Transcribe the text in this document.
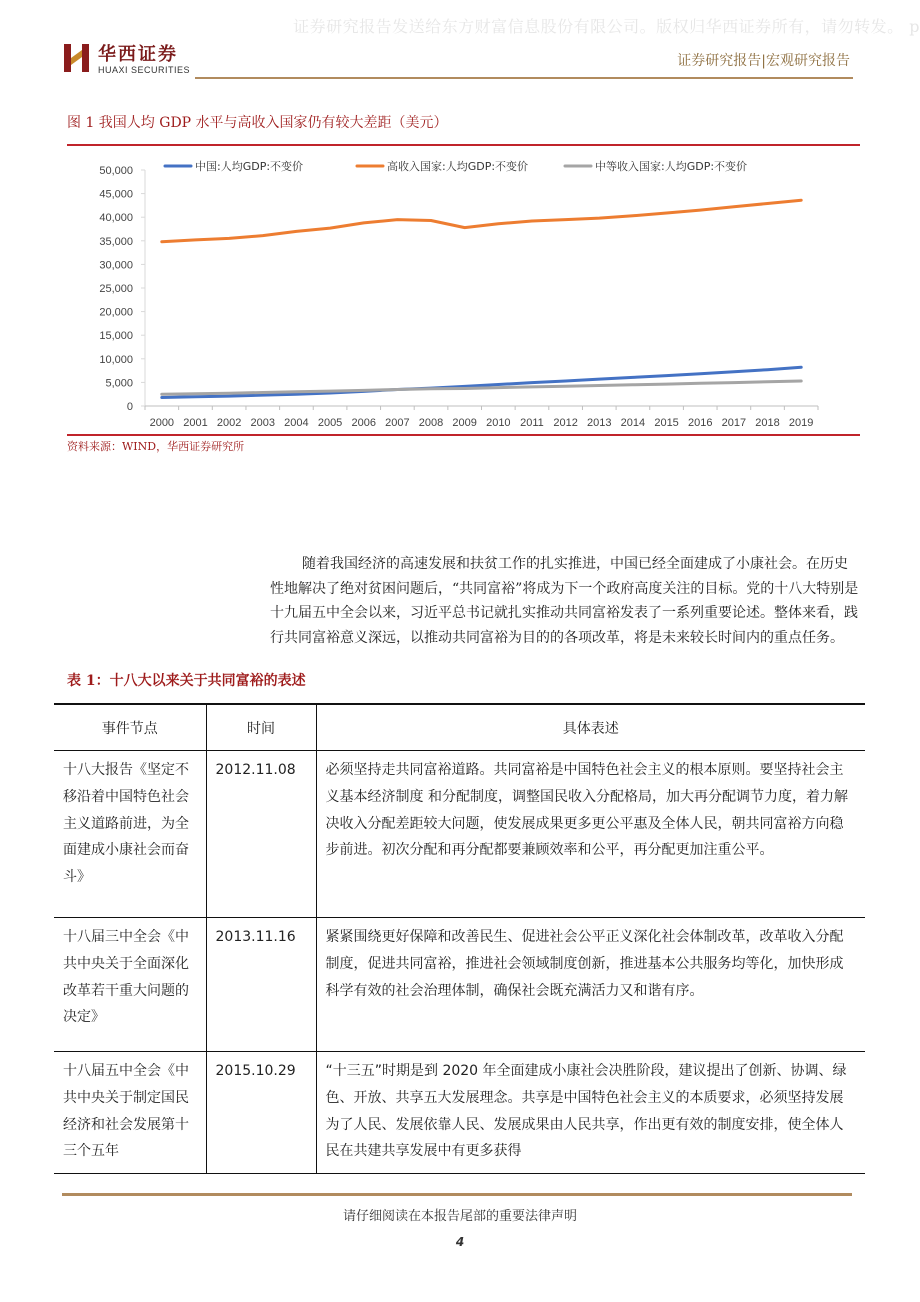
证券研究报告发送给东方财富信息股份有限公司。版权归华西证券所有，请勿转发。 p
华西证券
HUAXI SECURITIES
证券研究报告|宏观研究报告
图 1 我国人均 GDP 水平与高收入国家仍有较大差距（美元）
0
5,000
10,000
15,000
20,000
25,000
30,000
35,000
40,000
45,000
50,000
2000 2001 2002 2003 2004 2005 2006 2007 2008 2009 2010 2011 2012 2013 2014 2015 2016 2017 2018 2019
中国:人均GDP:不变价	高收入国家:人均GDP:不变价	中等收入国家:人均GDP:不变价
资料来源：WIND，华西证券研究所
随着我国经济的高速发展和扶贫工作的扎实推进，中国已经全面建成了小康社会。在历史性地解决了绝对贫困问题后，“共同富裕”将成为下一个政府高度关注的目标。党的十八大特别是十九届五中全会以来，习近平总书记就扎实推动共同富裕发表了一系列重要论述。整体来看，践行共同富裕意义深远，以推动共同富裕为目的的各项改革，将是未来较长时间内的重点任务。
表 1：十八大以来关于共同富裕的表述
事件节点	时间	具体表述
十八大报告《坚定不移沿着中国特色社会主义道路前进，为全面建成小康社会而奋斗》	2012.11.08	必须坚持走共同富裕道路。共同富裕是中国特色社会主义的根本原则。要坚持社会主义基本经济制度 和分配制度，调整国民收入分配格局，加大再分配调节力度，着力解决收入分配差距较大问题，使发展成果更多更公平惠及全体人民，朝共同富裕方向稳步前进。初次分配和再分配都要兼顾效率和公平，再分配更加注重公平。
十八届三中全会《中共中央关于全面深化改革若干重大问题的决定》	2013.11.16	紧紧围绕更好保障和改善民生、促进社会公平正义深化社会体制改革，改革收入分配制度，促进共同富裕，推进社会领域制度创新，推进基本公共服务均等化，加快形成科学有效的社会治理体制，确保社会既充满活力又和谐有序。
十八届五中全会《中共中央关于制定国民经济和社会发展第十三个五年	2015.10.29	“十三五”时期是到 2020 年全面建成小康社会决胜阶段，建议提出了创新、协调、绿色、开放、共享五大发展理念。共享是中国特色社会主义的本质要求，必须坚持发展为了人民、发展依靠人民、发展成果由人民共享，作出更有效的制度安排，使全体人民在共建共享发展中有更多获得
请仔细阅读在本报告尾部的重要法律声明
4
